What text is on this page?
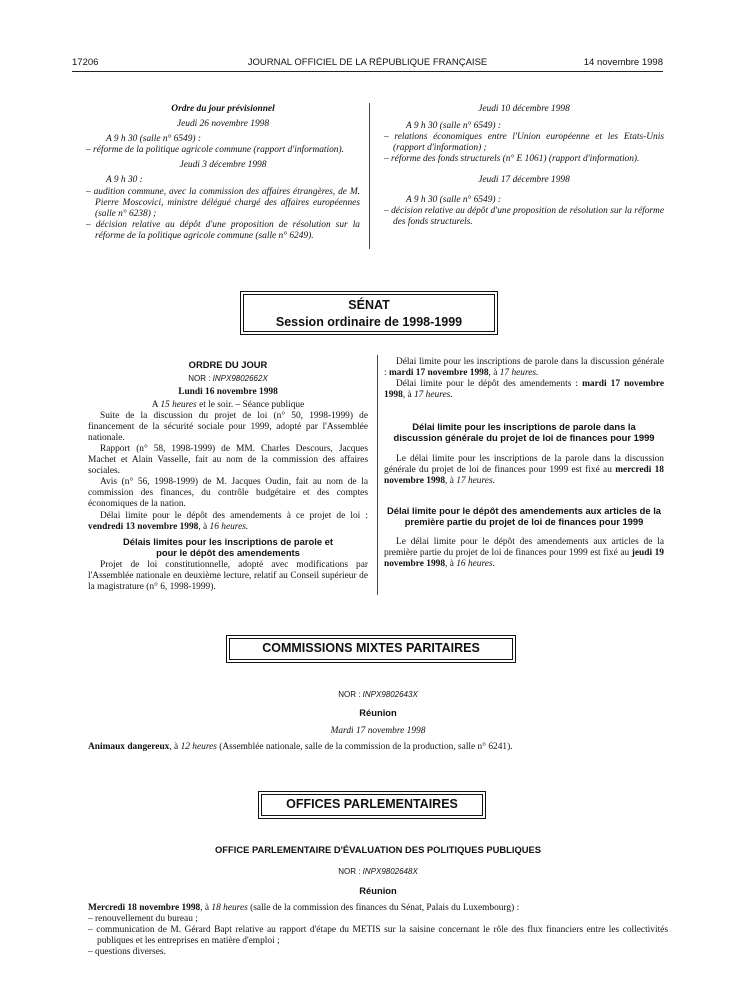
17206	JOURNAL OFFICIEL DE LA RÉPUBLIQUE FRANÇAISE	14 novembre 1998

Ordre du jour prévisionnel

Jeudi 26 novembre 1998

A 9 h 30 (salle n° 6549) :

– réforme de la politique agricole commune (rapport d'information).

Jeudi 3 décembre 1998

A 9 h 30 :

– audition commune, avec la commission des affaires étrangères, de M. Pierre Moscovici, ministre délégué chargé des affaires européennes (salle n° 6238) ;

– décision relative au dépôt d'une proposition de résolution sur la réforme de la politique agricole commune (salle n° 6249).

Jeudi 10 décembre 1998

A 9 h 30 (salle n° 6549) :

– relations économiques entre l'Union européenne et les Etats-Unis (rapport d'information) ;

– réforme des fonds structurels (n° E 1061) (rapport d'information).

Jeudi 17 décembre 1998

A 9 h 30 (salle n° 6549) :

– décision relative au dépôt d'une proposition de résolution sur la réforme des fonds structurels.

SÉNAT
Session ordinaire de 1998-1999

ORDRE DU JOUR

NOR : INPX9802662X

Lundi 16 novembre 1998

A 15 heures et le soir. – Séance publique

Suite de la discussion du projet de loi (n° 50, 1998-1999) de financement de la sécurité sociale pour 1999, adopté par l'Assemblée nationale.

Rapport (n° 58, 1998-1999) de MM. Charles Descours, Jacques Machet et Alain Vasselle, fait au nom de la commission des affaires sociales.

Avis (n° 56, 1998-1999) de M. Jacques Oudin, fait au nom de la commission des finances, du contrôle budgétaire et des comptes économiques de la nation.

Délai limite pour le dépôt des amendements à ce projet de loi : vendredi 13 novembre 1998, à 16 heures.

Délais limites pour les inscriptions de parole et pour le dépôt des amendements

Projet de loi constitutionnelle, adopté avec modifications par l'Assemblée nationale en deuxième lecture, relatif au Conseil supérieur de la magistrature (n° 6, 1998-1999).

Délai limite pour les inscriptions de parole dans la discussion générale : mardi 17 novembre 1998, à 17 heures.

Délai limite pour le dépôt des amendements : mardi 17 novembre 1998, à 17 heures.

Délai limite pour les inscriptions de parole dans la discussion générale du projet de loi de finances pour 1999

Le délai limite pour les inscriptions de la parole dans la discussion générale du projet de loi de finances pour 1999 est fixé au mercredi 18 novembre 1998, à 17 heures.

Délai limite pour le dépôt des amendements aux articles de la première partie du projet de loi de finances pour 1999

Le délai limite pour le dépôt des amendements aux articles de la première partie du projet de loi de finances pour 1999 est fixé au jeudi 19 novembre 1998, à 16 heures.

COMMISSIONS MIXTES PARITAIRES

NOR : INPX9802643X

Réunion

Mardi 17 novembre 1998

Animaux dangereux, à 12 heures (Assemblée nationale, salle de la commission de la production, salle n° 6241).

OFFICES PARLEMENTAIRES

OFFICE PARLEMENTAIRE D'ÉVALUATION DES POLITIQUES PUBLIQUES

NOR : INPX9802648X

Réunion

Mercredi 18 novembre 1998, à 18 heures (salle de la commission des finances du Sénat, Palais du Luxembourg) :

– renouvellement du bureau ;

– communication de M. Gérard Bapt relative au rapport d'étape du METIS sur la saisine concernant le rôle des flux financiers entre les collectivités publiques et les entreprises en matière d'emploi ;

– questions diverses.
